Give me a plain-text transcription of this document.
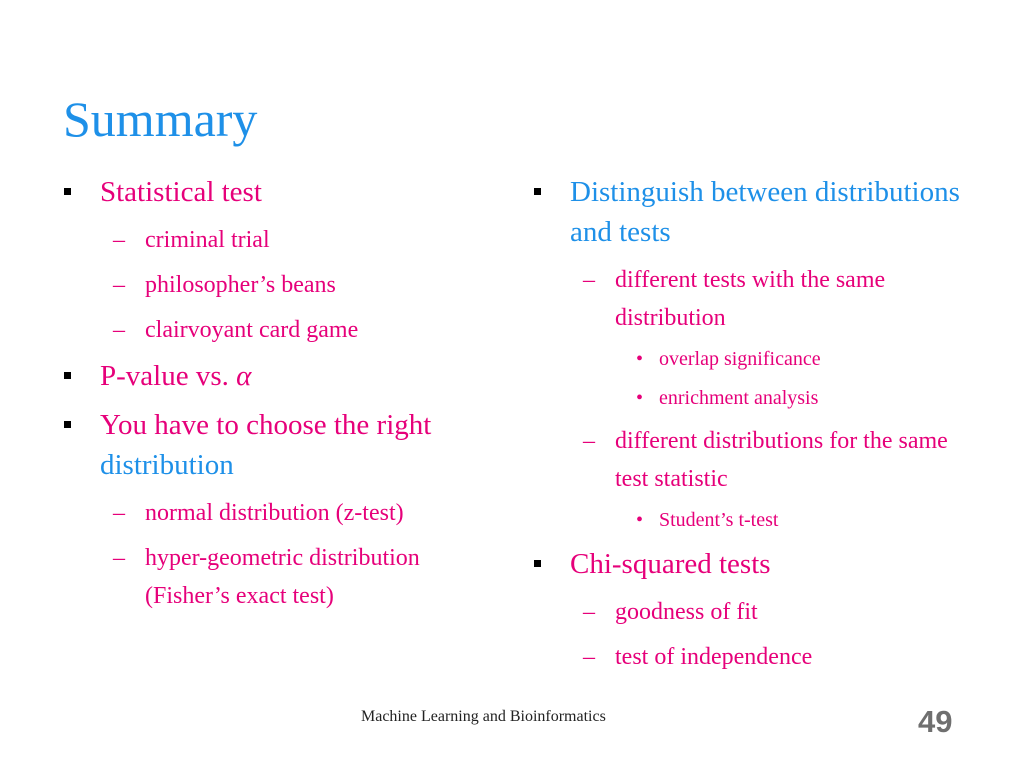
Summary
Statistical test
– criminal trial
– philosopher’s beans
– clairvoyant card game
P-value vs. α
You have to choose the right distribution
– normal distribution (z-test)
– hyper-geometric distribution (Fisher’s exact test)
Distinguish between distributions and tests
– different tests with the same distribution
• overlap significance
• enrichment analysis
– different distributions for the same test statistic
• Student’s t-test
Chi-squared tests
– goodness of fit
– test of independence
Machine Learning and Bioinformatics	49
